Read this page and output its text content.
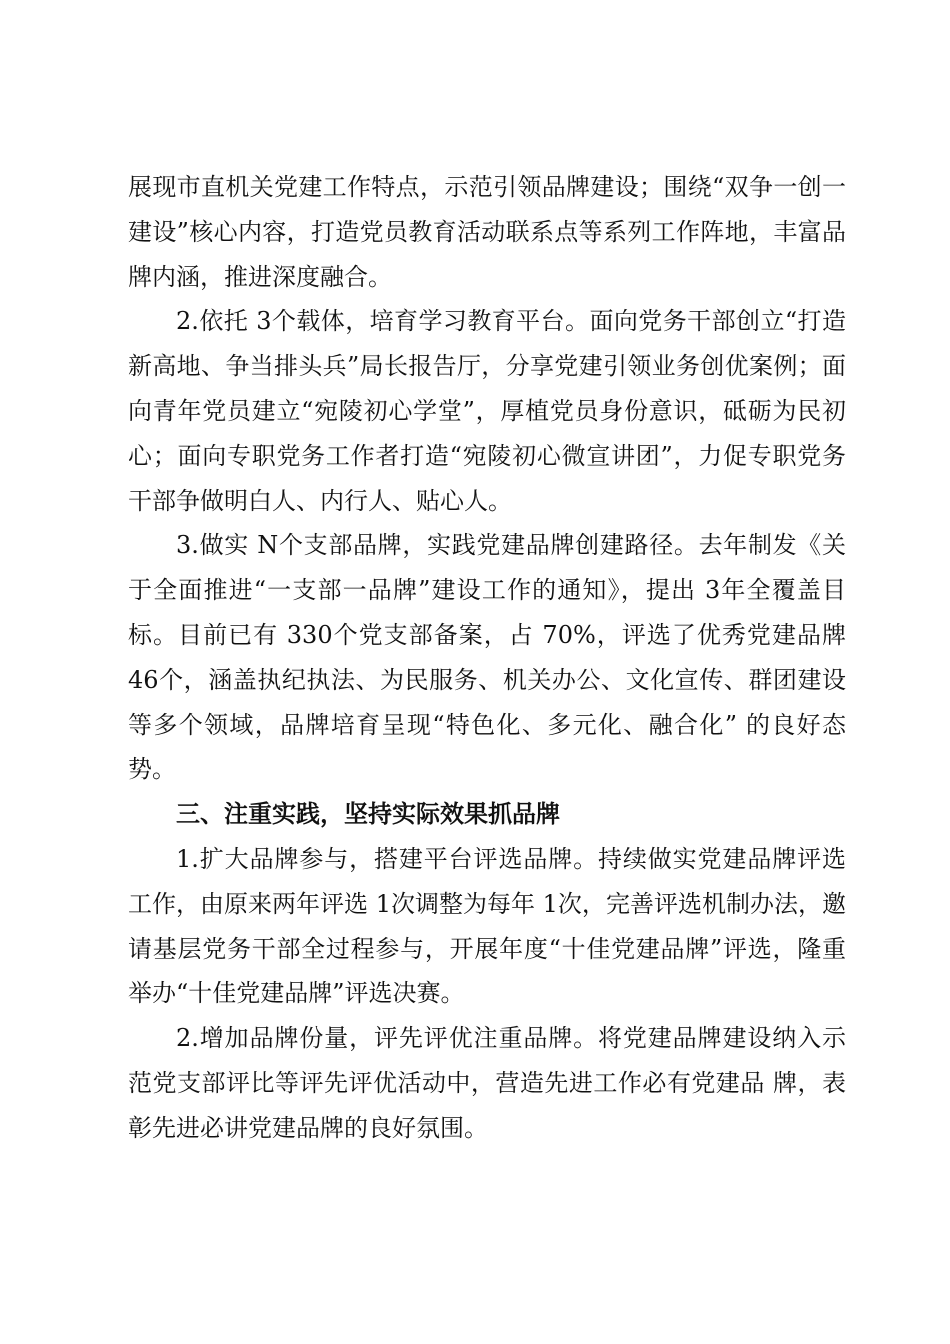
展现市直机关党建工作特点，示范引领品牌建设；围绕“双争一创一建设”核心内容，打造党员教育活动联系点等系列工作阵地，丰富品牌内涵，推进深度融合。

2.依托 3个载体，培育学习教育平台。面向党务干部创立“打造新高地、争当排头兵”局长报告厅，分享党建引领业务创优案例；面向青年党员建立“宛陵初心学堂”，厚植党员身份意识，砥砺为民初心；面向专职党务工作者打造“宛陵初心微宣讲团”，力促专职党务干部争做明白人、内行人、贴心人。

3.做实 N个支部品牌，实践党建品牌创建路径。去年制发《关于全面推进“一支部一品牌”建设工作的通知》，提出 3年全覆盖目标。目前已有 330个党支部备案，占 70%，评选了优秀党建品牌46个，涵盖执纪执法、为民服务、机关办公、文化宣传、群团建设等多个领域，品牌培育呈现“特色化、多元化、融合化” 的良好态势。

三、注重实践，坚持实际效果抓品牌

1.扩大品牌参与，搭建平台评选品牌。持续做实党建品牌评选工作，由原来两年评选 1次调整为每年 1次，完善评选机制办法，邀请基层党务干部全过程参与，开展年度“十佳党建品牌”评选，隆重举办“十佳党建品牌”评选决赛。

2.增加品牌份量，评先评优注重品牌。将党建品牌建设纳入示范党支部评比等评先评优活动中，营造先进工作必有党建品 牌，表彰先进必讲党建品牌的良好氛围。
